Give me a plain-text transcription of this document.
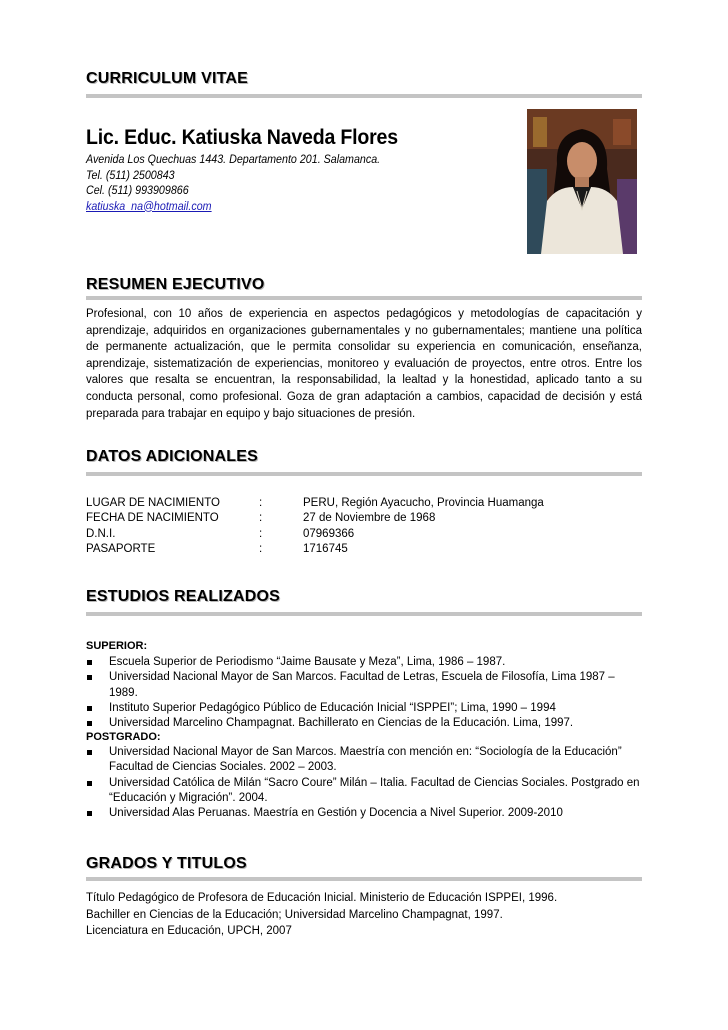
CURRICULUM VITAE
Lic. Educ. Katiuska Naveda Flores
Avenida Los Quechuas 1443. Departamento 201. Salamanca.
Tel. (511) 2500843
Cel. (511) 993909866
katiuska_na@hotmail.com
RESUMEN EJECUTIVO

Profesional, con 10 años de experiencia en aspectos pedagógicos y metodologías de capacitación y aprendizaje, adquiridos en organizaciones gubernamentales y no gubernamentales; mantiene una política de permanente actualización, que le permita consolidar su experiencia en comunicación, enseñanza, aprendizaje, sistematización de experiencias, monitoreo y evaluación de proyectos, entre otros. Entre los valores que resalta se encuentran, la responsabilidad, la lealtad y la honestidad, aplicado tanto a su conducta personal, como profesional. Goza de gran adaptación a cambios, capacidad de decisión y está preparada para trabajar en equipo y bajo situaciones de presión.

DATOS ADICIONALES
LUGAR DE NACIMIENTO	:	PERU, Región Ayacucho, Provincia Huamanga
FECHA DE NACIMIENTO	:	27 de Noviembre de 1968
D.N.I.	:	07969366
PASAPORTE	:	1716745
ESTUDIOS REALIZADOS
SUPERIOR:
Escuela Superior de Periodismo “Jaime Bausate y Meza”, Lima, 1986 – 1987.
Universidad Nacional Mayor de San Marcos. Facultad de Letras, Escuela de Filosofía, Lima 1987 – 1989.
Instituto Superior Pedagógico Público de Educación Inicial “ISPPEI”; Lima, 1990 – 1994
Universidad Marcelino Champagnat. Bachillerato en Ciencias de la Educación. Lima, 1997.
POSTGRADO:
Universidad Nacional Mayor de San Marcos. Maestría con mención en: “Sociología de la Educación” Facultad de Ciencias Sociales. 2002 – 2003.
Universidad Católica de Milán “Sacro Coure” Milán – Italia. Facultad de Ciencias Sociales. Postgrado en “Educación y Migración”. 2004.
Universidad Alas Peruanas. Maestría en Gestión y Docencia a Nivel Superior. 2009-2010
GRADOS Y TITULOS
Título Pedagógico de Profesora de Educación Inicial. Ministerio de Educación ISPPEI, 1996.
Bachiller en Ciencias de la Educación; Universidad Marcelino Champagnat, 1997.
Licenciatura en Educación, UPCH, 2007
